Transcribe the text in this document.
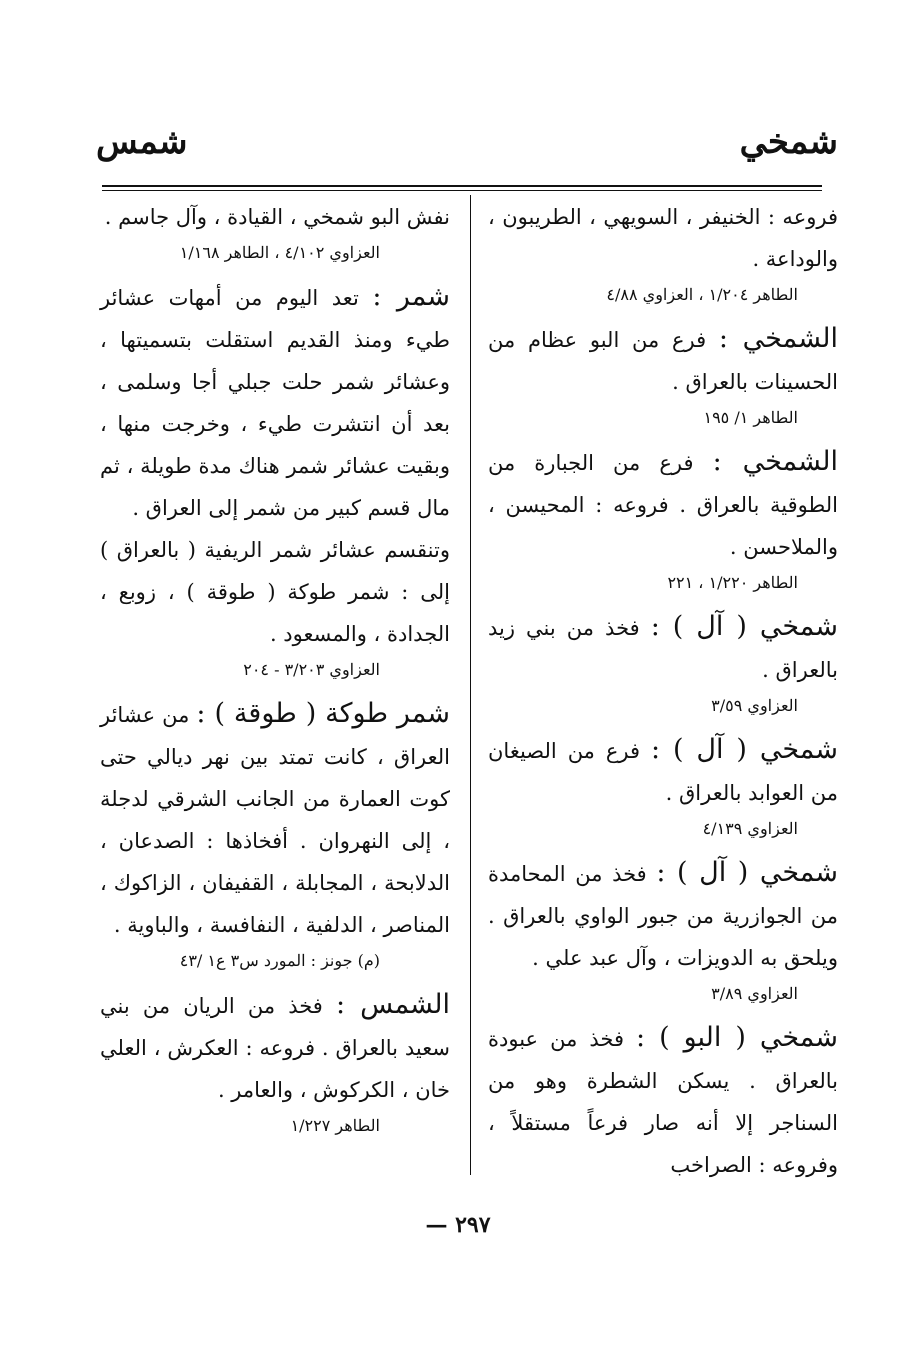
شمخي
شمس
فروعه : الخنيفر ، السويهي ، الطريبون ، والوداعة .
الطاهر ١/٢٠٤ ، العزاوي ٤/٨٨
الشمخي : فرع من البو عظام من الحسينات بالعراق .
الطاهر ١/ ١٩٥
الشمخي : فرع من الجبارة من الطوقية بالعراق . فروعه : المحيسن ، والملاحسن .
الطاهر ١/٢٢٠ ، ٢٢١
شمخي ( آل ) : فخذ من بني زيد بالعراق .
العزاوي ٣/٥٩
شمخي ( آل ) : فرع من الصيغان من العوابد بالعراق .
العزاوي ٤/١٣٩
شمخي ( آل ) : فخذ من المحامدة من الجوازرية من جبور الواوي بالعراق . ويلحق به الدويزات ، وآل عبد علي .
العزاوي ٣/٨٩
شمخي ( البو ) : فخذ من عبودة بالعراق . يسكن الشطرة وهو من السناجر إلا أنه صار فرعاً مستقلاً ، وفروعه : الصراخب
نفش البو شمخي ، القيادة ، وآل جاسم .
العزاوي ٤/١٠٢ ، الطاهر ١/١٦٨
شمر : تعد اليوم من أمهات عشائر طيء ومنذ القديم استقلت بتسميتها ، وعشائر شمر حلت جبلي أجا وسلمى ، بعد أن انتشرت طيء ، وخرجت منها ، وبقيت عشائر شمر هناك مدة طويلة ، ثم مال قسم كبير من شمر إلى العراق .
وتنقسم عشائر شمر الريفية ( بالعراق ) إلى : شمر طوكة ( طوقة ) ، زوبع ، الجدادة ، والمسعود .
العزاوي ٣/٢٠٣ - ٢٠٤
شمر طوكة ( طوقة ) : من عشائر العراق ، كانت تمتد بين نهر ديالي حتى كوت العمارة من الجانب الشرقي لدجلة ، إلى النهروان . أفخاذها : الصدعان ، الدلابحة ، المجابلة ، القفيفان ، الزاكوك ، المناصر ، الدلفية ، النفافسة ، والباوية .
(م) جونز : المورد س٣ ع١ /٤٣
الشمس : فخذ من الريان من بني سعيد بالعراق . فروعه : العكرش ، العلي خان ، الكركوش ، والعامر .
الطاهر ١/٢٢٧
٢٩٧ —
